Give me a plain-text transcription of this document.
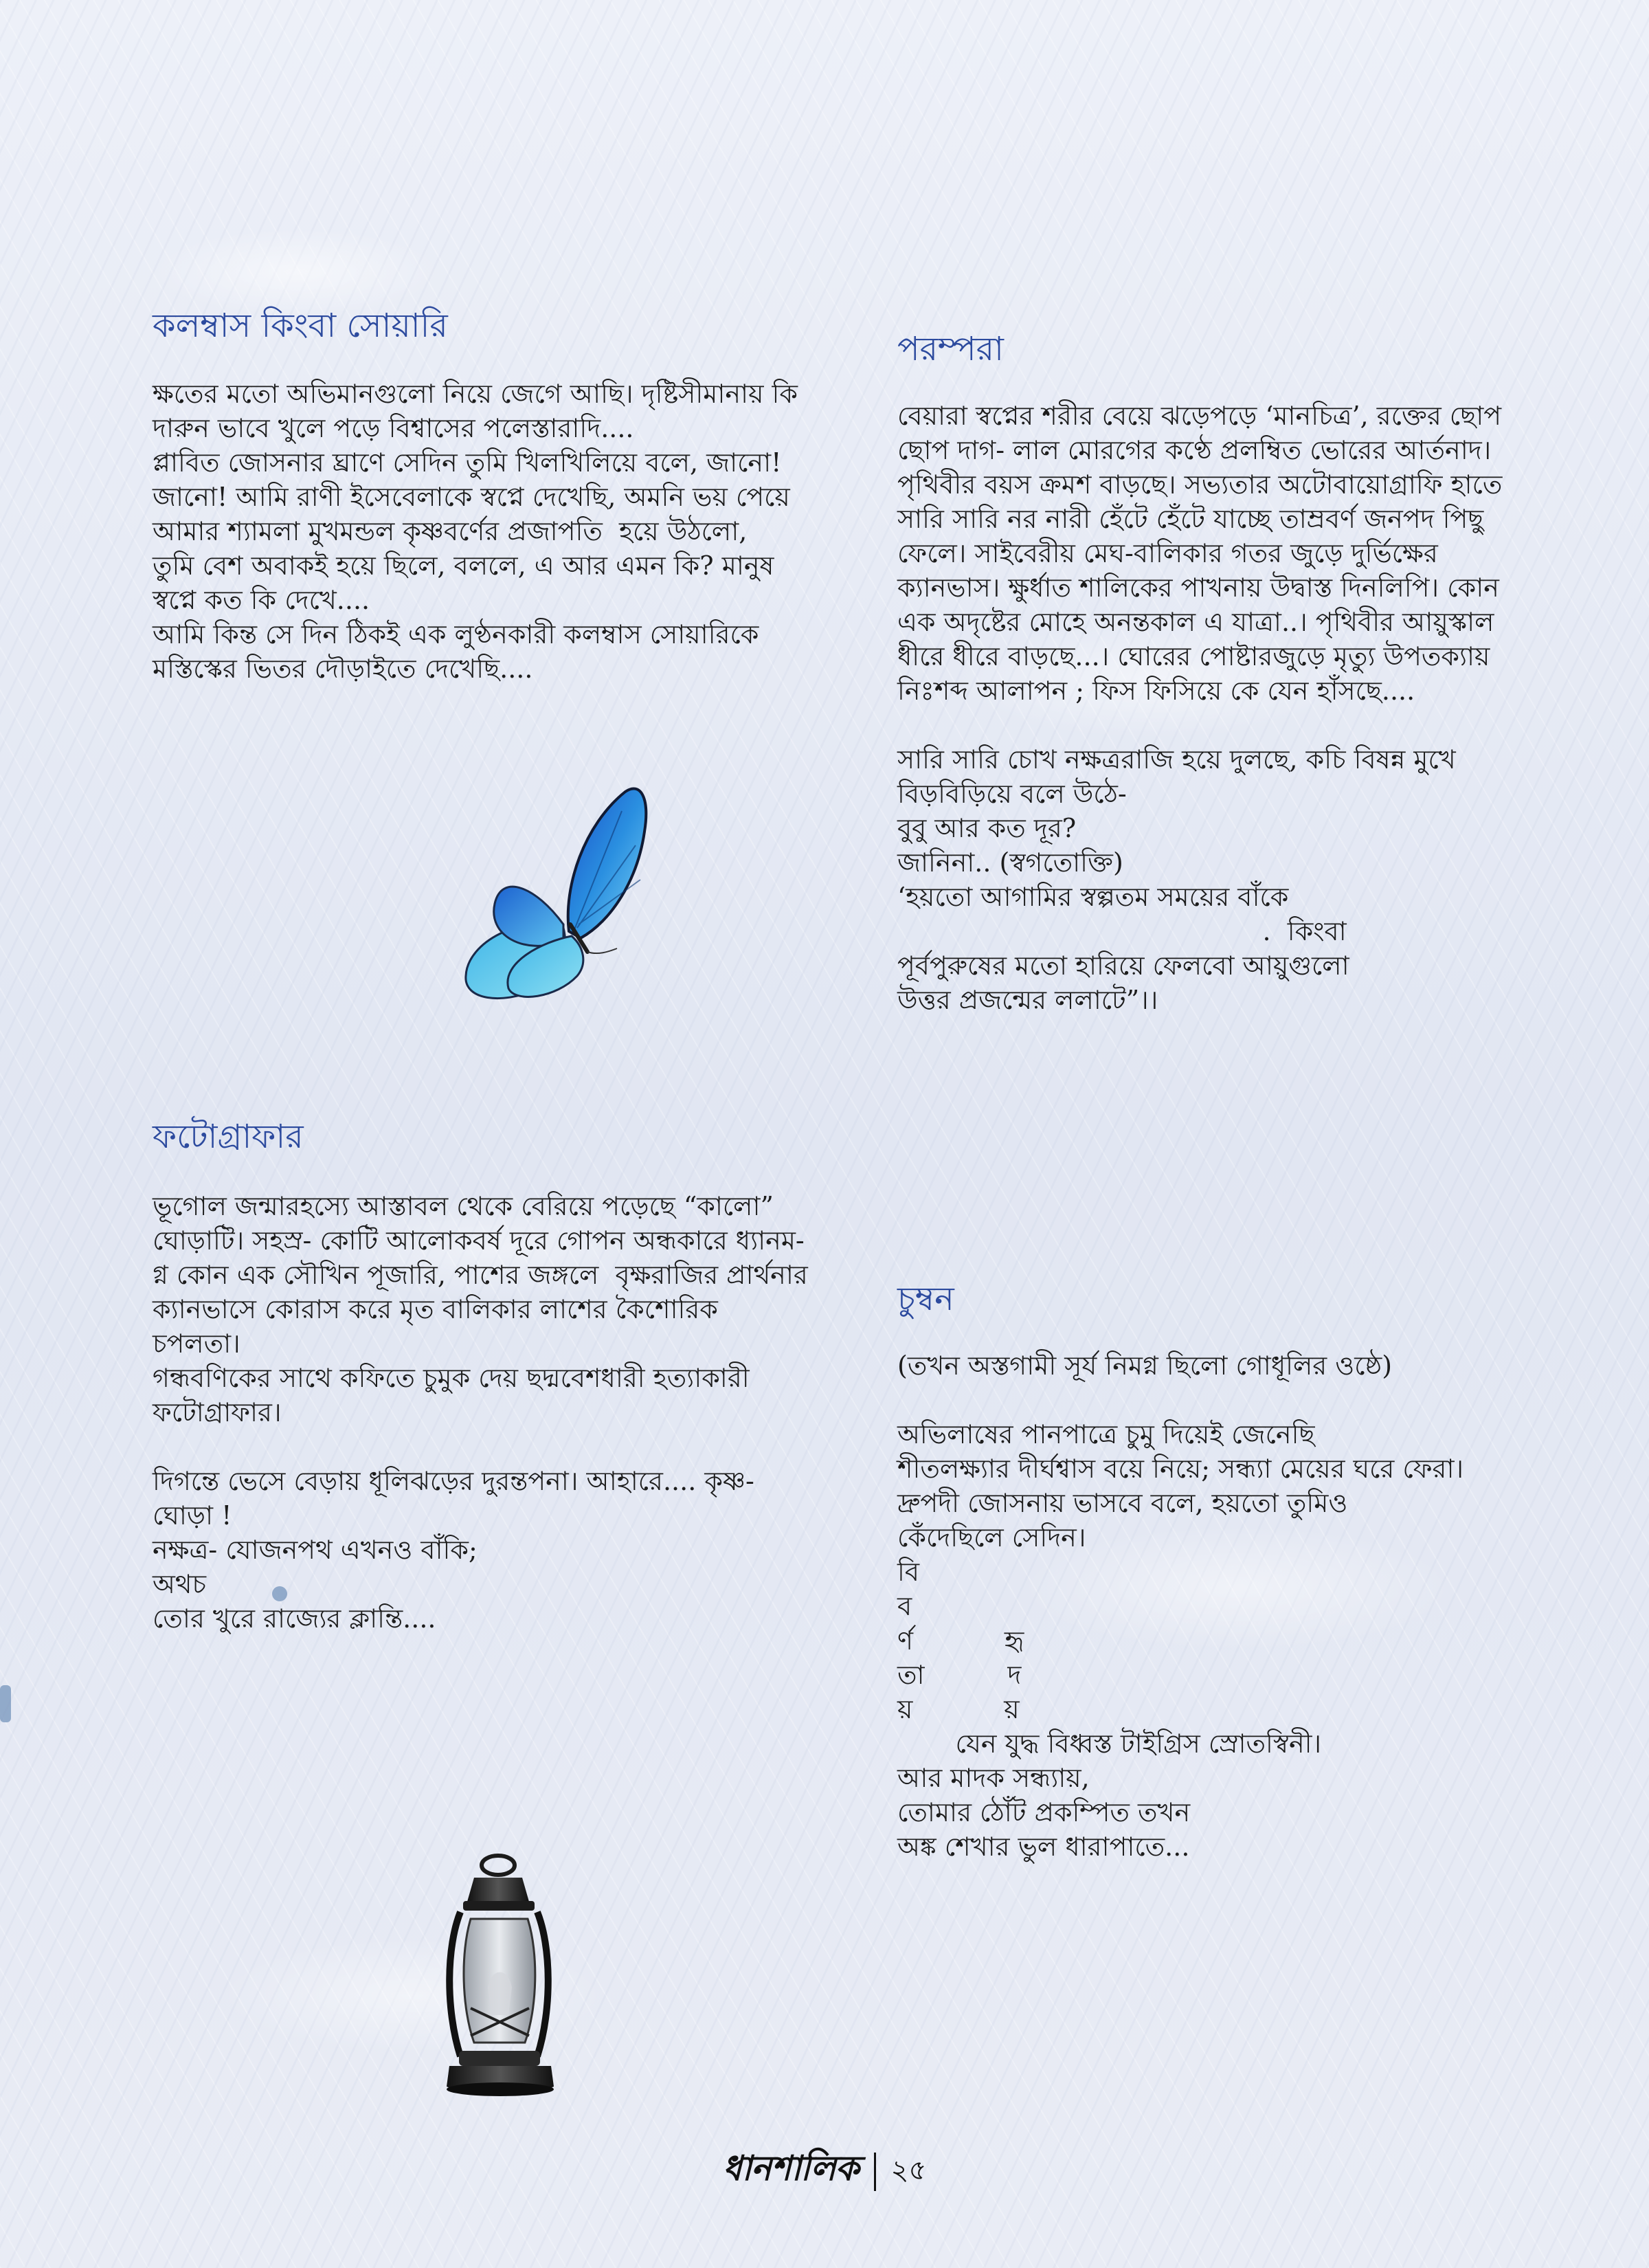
কলম্বাস কিংবা সোয়ারি
ক্ষতের মতো অভিমানগুলো নিয়ে জেগে আছি। দৃষ্টিসীমানায় কি
দারুন ভাবে খুলে পড়ে বিশ্বাসের পলেস্তারাদি....
প্লাবিত জোসনার ঘ্রাণে সেদিন তুমি খিলখিলিয়ে বলে, জানো!
জানো! আমি রাণী ইসেবেলাকে স্বপ্নে দেখেছি, অমনি ভয় পেয়ে
আমার শ্যামলা মুখমন্ডল কৃষ্ণবর্ণের প্রজাপতি  হয়ে উঠলো,
তুমি বেশ অবাকই হয়ে ছিলে, বললে, এ আর এমন কি? মানুষ
স্বপ্নে কত কি দেখে....
আমি কিন্ত সে দিন ঠিকই এক লুণ্ঠনকারী কলম্বাস সোয়ারিকে
মস্তিস্কের ভিতর দৌড়াইতে দেখেছি....
পরম্পরা
বেয়ারা স্বপ্নের শরীর বেয়ে ঝড়েপড়ে ‘মানচিত্র’, রক্তের ছোপ
ছোপ দাগ- লাল মোরগের কণ্ঠে প্রলম্বিত ভোরের আর্তনাদ।
পৃথিবীর বয়স ক্রমশ বাড়ছে। সভ্যতার অটোবায়োগ্রাফি হাতে
সারি সারি নর নারী হেঁটে হেঁটে যাচ্ছে তাম্রবর্ণ জনপদ পিছু
ফেলে। সাইবেরীয় মেঘ-বালিকার গতর জুড়ে দুর্ভিক্ষের
ক্যানভাস। ক্ষুর্ধাত শালিকের পাখনায় উদ্বাস্ত দিনলিপি। কোন
এক অদৃষ্টের মোহে অনন্তকাল এ যাত্রা..। পৃথিবীর আয়ুস্কাল
ধীরে ধীরে বাড়ছে...। ঘোরের পোষ্টারজুড়ে মৃত্যু উপতক্যায়
নিঃশব্দ আলাপন ; ফিস ফিসিয়ে কে যেন হাঁসছে....
সারি সারি চোখ নক্ষত্ররাজি হয়ে দুলছে, কচি বিষন্ন মুখে
বিড়বিড়িয়ে বলে উঠে-
বুবু আর কত দূর?
জানিনা.. (স্বগতোক্তি)
‘হয়তো আগামির স্বল্পতম সময়ের বাঁকে
.  কিংবা
পূর্বপুরুষের মতো হারিয়ে ফেলবো আয়ুগুলো
উত্তর প্রজন্মের ললাটে”।।
ফটোগ্রাফার
ভূগোল জন্মারহস্যে আস্তাবল থেকে বেরিয়ে পড়েছে “কালো”
ঘোড়াটি। সহস্র- কোটি আলোকবর্ষ দূরে গোপন অন্ধকারে ধ্যানম-
গ্ন কোন এক সৌখিন পূজারি, পাশের জঙ্গলে  বৃক্ষরাজির প্রার্থনার
ক্যানভাসে কোরাস করে মৃত বালিকার লাশের কৈশোরিক
চপলতা।
গন্ধবণিকের সাথে কফিতে চুমুক দেয় ছদ্মবেশধারী হত্যাকারী
ফটোগ্রাফার।
দিগন্তে ভেসে বেড়ায় ধূলিঝড়ের দুরন্তপনা। আহারে.... কৃষ্ণ-
ঘোড়া !
নক্ষত্র- যোজনপথ এখনও বাঁকি;
অথচ
তোর খুরে রাজ্যের ক্লান্তি....
চুম্বন
(তখন অস্তগামী সূর্য নিমগ্ন ছিলো গোধূলির ওষ্ঠে)
অভিলাষের পানপাত্রে চুমু দিয়েই জেনেছি
শীতলক্ষ্যার দীর্ঘশ্বাস বয়ে নিয়ে; সন্ধ্যা মেয়ের ঘরে ফেরা।
দ্রুপদী জোসনায় ভাসবে বলে, হয়তো তুমিও
কেঁদেছিলে সেদিন।
বি
ব
র্ণ           হৃ
তা          দ
য়           য়
যেন যুদ্ধ বিধ্বস্ত টাইগ্রিস স্রোতস্বিনী।
আর মাদক সন্ধ্যায়,
তোমার ঠোঁট প্রকম্পিত তখন
অঙ্ক শেখার ভুল ধারাপাতে...
ধানশালিক ২৫
